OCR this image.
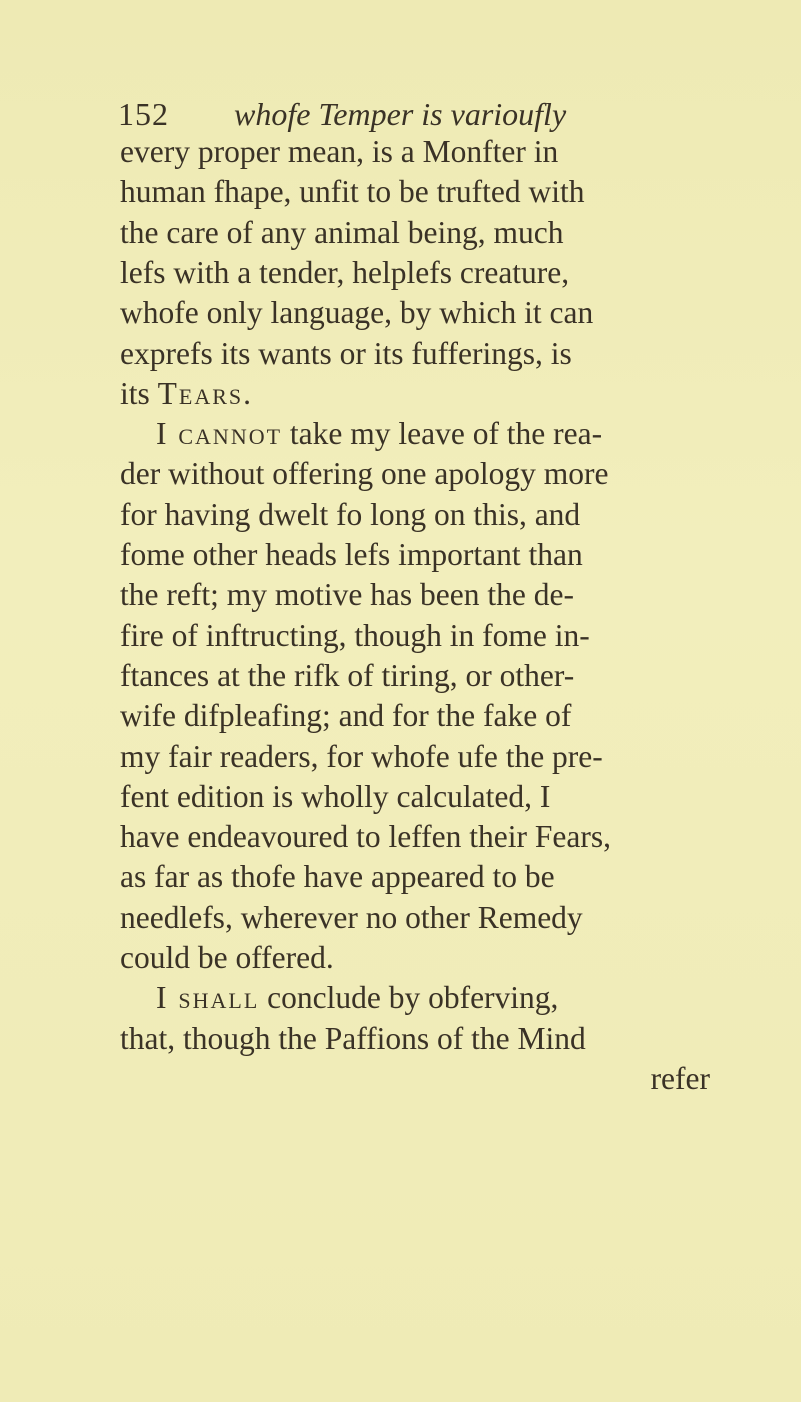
152 whofe Temper is varioufly
every proper mean, is a Monfter in
human fhape, unfit to be trufted with
the care of any animal being, much
lefs with a tender, helplefs creature,
whofe only language, by which it can
exprefs its wants or its fufferings, is
its Tears.
I cannot take my leave of the rea-
der without offering one apology more
for having dwelt fo long on this, and
fome other heads lefs important than
the reft; my motive has been the de-
fire of inftructing, though in fome in-
ftances at the rifk of tiring, or other-
wife difpleafing; and for the fake of
my fair readers, for whofe ufe the pre-
fent edition is wholly calculated, I
have endeavoured to leffen their Fears,
as far as thofe have appeared to be
needlefs, wherever no other Remedy
could be offered.
I shall conclude by obferving,
that, though the Paffions of the Mind
refer
